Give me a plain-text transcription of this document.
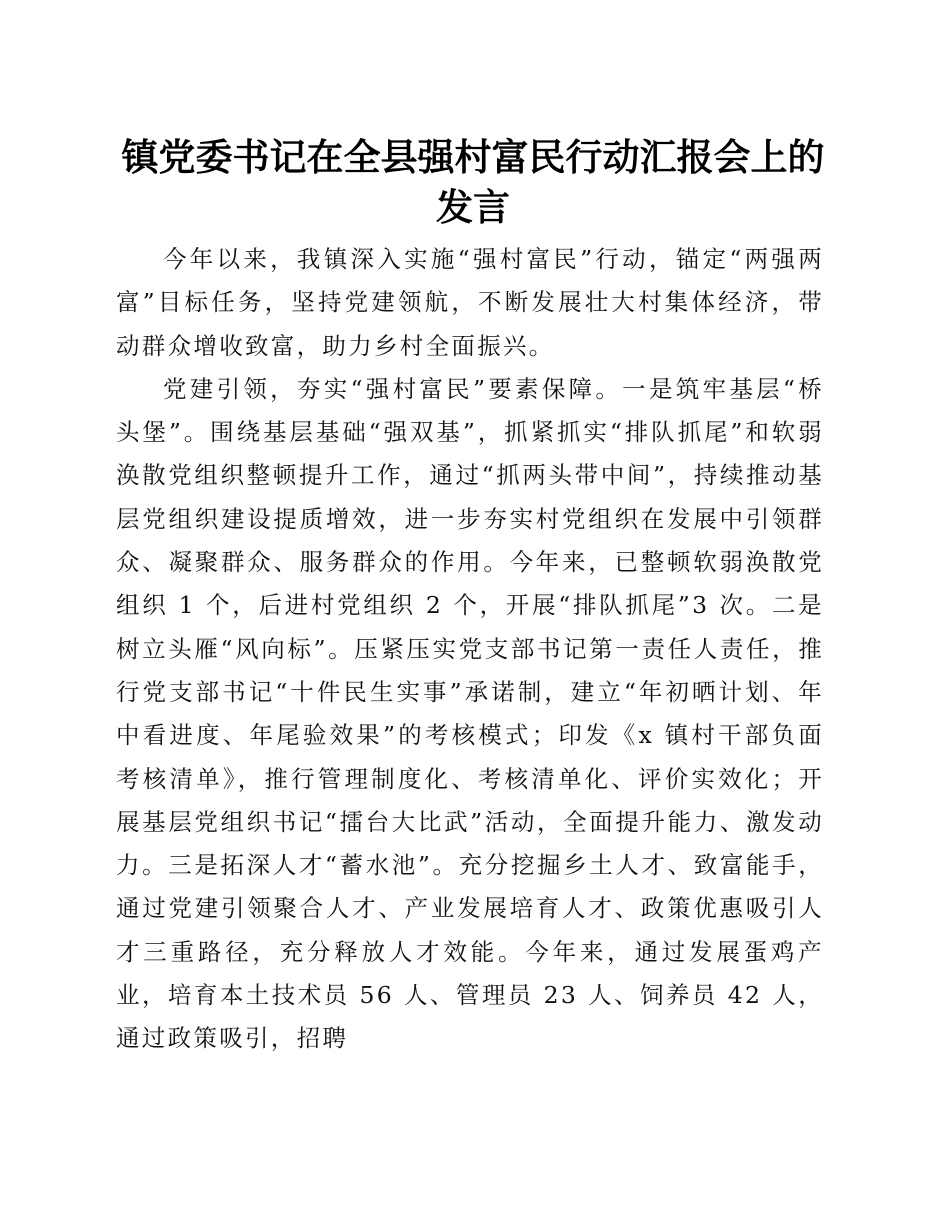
镇党委书记在全县强村富民行动汇报会上的发言

今年以来，我镇深入实施“强村富民”行动，锚定“两强两富”目标任务，坚持党建领航，不断发展壮大村集体经济，带动群众增收致富，助力乡村全面振兴。

党建引领，夯实“强村富民”要素保障。一是筑牢基层“桥头堡”。围绕基层基础“强双基”，抓紧抓实“排队抓尾”和软弱涣散党组织整顿提升工作，通过“抓两头带中间”，持续推动基层党组织建设提质增效，进一步夯实村党组织在发展中引领群众、凝聚群众、服务群众的作用。今年来，已整顿软弱涣散党组织 1 个，后进村党组织 2 个，开展“排队抓尾”3 次。二是树立头雁“风向标”。压紧压实党支部书记第一责任人责任，推行党支部书记“十件民生实事”承诺制，建立“年初晒计划、年中看进度、年尾验效果”的考核模式；印发《x 镇村干部负面考核清单》，推行管理制度化、考核清单化、评价实效化；开展基层党组织书记“擂台大比武”活动，全面提升能力、激发动力。三是拓深人才“蓄水池”。充分挖掘乡土人才、致富能手，通过党建引领聚合人才、产业发展培育人才、政策优惠吸引人才三重路径，充分释放人才效能。今年来，通过发展蛋鸡产业，培育本土技术员 56 人、管理员 23 人、饲养员 42 人，通过政策吸引，招聘
